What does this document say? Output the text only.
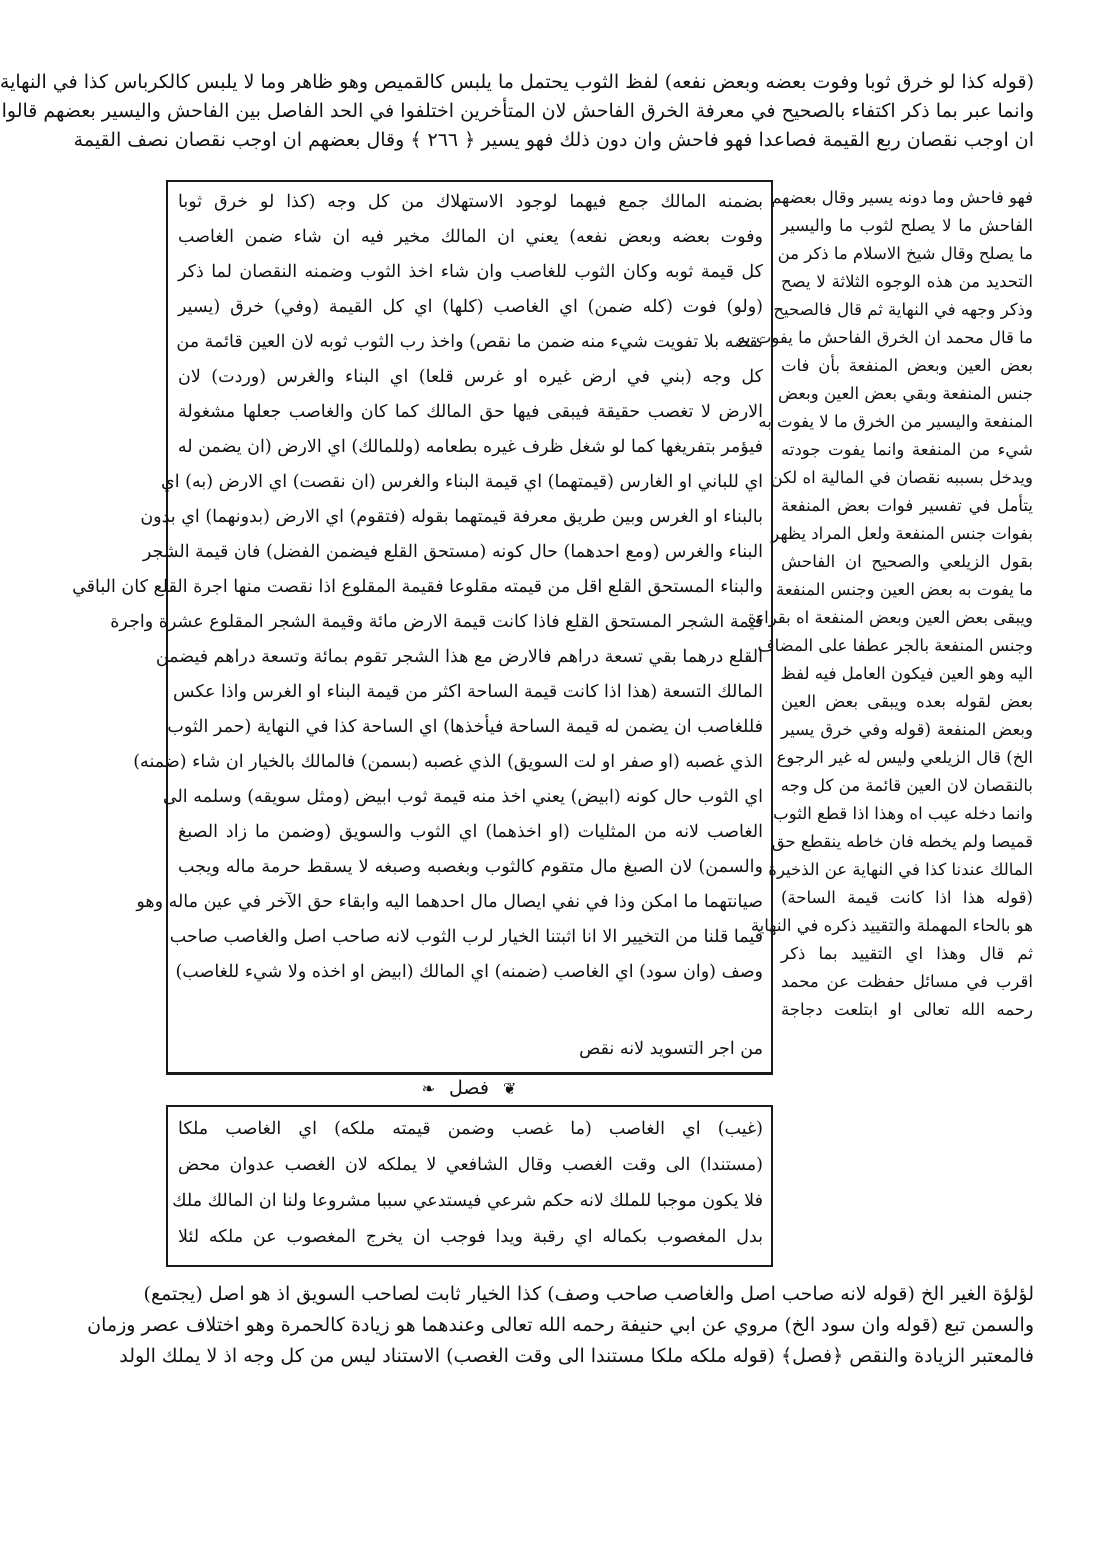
(قوله كذا لو خرق ثوبا وفوت بعضه وبعض نفعه) لفظ الثوب يحتمل ما يلبس كالقميص وهو ظاهر وما لا يلبس كالكرباس كذا في النهاية
وانما عبر بما ذكر اكتفاء بالصحيح في معرفة الخرق الفاحش لان المتأخرين اختلفوا في الحد الفاصل بين الفاحش واليسير بعضهم قالوا
ان اوجب نقصان ربع القيمة فصاعدا فهو فاحش وان دون ذلك فهو يسير ﴿ ٢٦٦ ﴾ وقال بعضهم ان اوجب نقصان نصف القيمة
فهو فاحش وما دونه يسير وقال بعضهم
الفاحش ما لا يصلح لثوب ما واليسير
ما يصلح وقال شيخ الاسلام ما ذكر من
التحديد من هذه الوجوه الثلاثة لا يصح
وذكر وجهه في النهاية ثم قال فالصحيح
ما قال محمد ان الخرق الفاحش ما يفوت به
بعض العين وبعض المنفعة بأن فات
جنس المنفعة وبقي بعض العين وبعض
المنفعة واليسير من الخرق ما لا يفوت به
شيء من المنفعة وانما يفوت جودته
ويدخل بسببه نقصان في المالية اه لكن
يتأمل في تفسير فوات بعض المنفعة
بفوات جنس المنفعة ولعل المراد يظهر
بقول الزيلعي والصحيح ان الفاحش
ما يفوت به بعض العين وجنس المنفعة
ويبقى بعض العين وبعض المنفعة اه بقراءة
وجنس المنفعة بالجر عطفا على المضاف
اليه وهو العين فيكون العامل فيه لفظ
بعض لقوله بعده ويبقى بعض العين
وبعض المنفعة (قوله وفي خرق يسير
الخ) قال الزيلعي وليس له غير الرجوع
بالنقصان لان العين قائمة من كل وجه
وانما دخله عيب اه وهذا اذا قطع الثوب
قميصا ولم يخطه فان خاطه ينقطع حق
المالك عندنا كذا في النهاية عن الذخيرة
(قوله هذا اذا كانت قيمة الساحة)
هو بالحاء المهملة والتقييد ذكره في النهاية
ثم قال وهذا اي التقييد بما ذكر
اقرب في مسائل حفظت عن محمد
رحمه الله تعالى او ابتلعت دجاجة
بضمنه المالك جمع فيهما لوجود الاستهلاك من كل وجه (كذا لو خرق ثوبا
وفوت بعضه وبعض نفعه) يعني ان المالك مخير فيه ان شاء ضمن الغاصب
كل قيمة ثوبه وكان الثوب للغاصب وان شاء اخذ الثوب وضمنه النقصان لما ذكر
(ولو) فوت (كله ضمن) اي الغاصب (كلها) اي كل القيمة (وفي) خرق (يسير
نقصه بلا تفويت شيء منه ضمن ما نقص) واخذ رب الثوب ثوبه لان العين قائمة من
كل وجه (بني في ارض غيره او غرس قلعا) اي البناء والغرس (وردت) لان
الارض لا تغصب حقيقة فيبقى فيها حق المالك كما كان والغاصب جعلها مشغولة
فيؤمر بتفريغها كما لو شغل ظرف غيره بطعامه (وللمالك) اي الارض (ان يضمن له
اي للباني او الغارس (قيمتهما) اي قيمة البناء والغرس (ان نقصت) اي الارض (به) اي
بالبناء او الغرس وبين طريق معرفة قيمتهما بقوله (فتقوم) اي الارض (بدونهما) اي بدون
البناء والغرس (ومع احدهما) حال كونه (مستحق القلع فيضمن الفضل) فان قيمة الشجر
والبناء المستحق القلع اقل من قيمته مقلوعا فقيمة المقلوع اذا نقصت منها اجرة القلع كان الباقي
قيمة الشجر المستحق القلع فاذا كانت قيمة الارض مائة وقيمة الشجر المقلوع عشرة واجرة
القلع درهما بقي تسعة دراهم فالارض مع هذا الشجر تقوم بمائة وتسعة دراهم فيضمن
المالك التسعة (هذا اذا كانت قيمة الساحة اكثر من قيمة البناء او الغرس واذا عكس
فللغاصب ان يضمن له قيمة الساحة فيأخذها) اي الساحة كذا في النهاية (حمر الثوب
الذي غصبه (او صفر او لت السويق) الذي غصبه (بسمن) فالمالك بالخيار ان شاء (ضمنه)
اي الثوب حال كونه (ابيض) يعني اخذ منه قيمة ثوب ابيض (ومثل سويقه) وسلمه الى
الغاصب لانه من المثليات (او اخذهما) اي الثوب والسويق (وضمن ما زاد الصبغ
والسمن) لان الصبغ مال متقوم كالثوب وبغصبه وصبغه لا يسقط حرمة ماله ويجب
صيانتهما ما امكن وذا في نفي ايصال مال احدهما اليه وابقاء حق الآخر في عين ماله وهو
فيما قلنا من التخيير الا انا اثبتنا الخيار لرب الثوب لانه صاحب اصل والغاصب صاحب
وصف (وان سود) اي الغاصب (ضمنه) اي المالك (ابيض او اخذه ولا شيء للغاصب)
من اجر التسويد لانه نقص
❦ فصل ❧
(غيب) اي الغاصب (ما غصب وضمن قيمته ملكه) اي الغاصب ملكا
(مستندا) الى وقت الغصب وقال الشافعي لا يملكه لان الغصب عدوان محض
فلا يكون موجبا للملك لانه حكم شرعي فيستدعي سببا مشروعا ولنا ان المالك ملك
بدل المغصوب بكماله اي رقبة ويدا فوجب ان يخرج المغصوب عن ملكه لئلا
لؤلؤة الغير الخ (قوله لانه صاحب اصل والغاصب صاحب وصف) كذا الخيار ثابت لصاحب السويق اذ هو اصل (يجتمع)
والسمن تبع (قوله وان سود الخ) مروي عن ابي حنيفة رحمه الله تعالى وعندهما هو زيادة كالحمرة وهو اختلاف عصر وزمان
فالمعتبر الزيادة والنقص ﴿فصل﴾ (قوله ملكه ملكا مستندا الى وقت الغصب) الاستناد ليس من كل وجه اذ لا يملك الولد
